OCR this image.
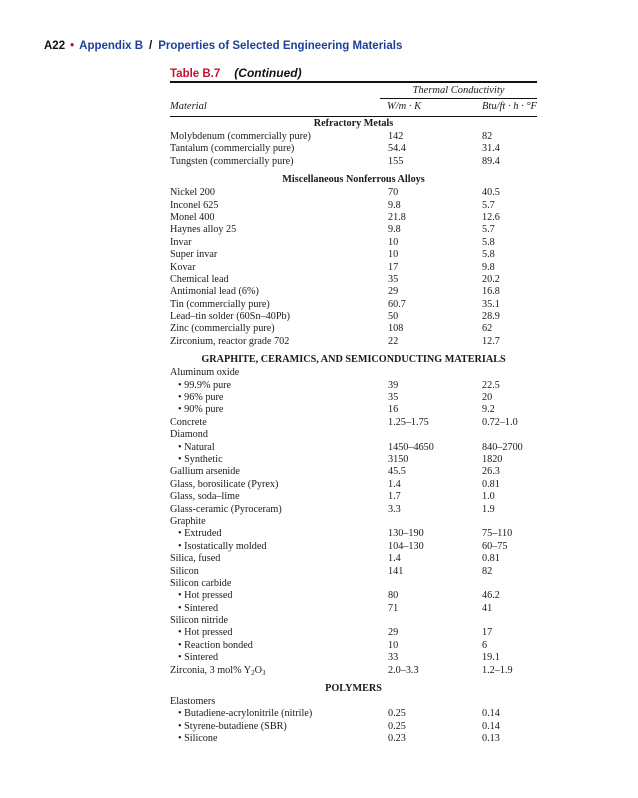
A22 • Appendix B / Properties of Selected Engineering Materials
Table B.7 (Continued)
Thermal Conductivity
Material	W/m · K	Btu/ft · h · °F
Refractory Metals
Molybdenum (commercially pure)	142	82
Tantalum (commercially pure)	54.4	31.4
Tungsten (commercially pure)	155	89.4
Miscellaneous Nonferrous Alloys
Nickel 200	70	40.5
Inconel 625	9.8	5.7
Monel 400	21.8	12.6
Haynes alloy 25	9.8	5.7
Invar	10	5.8
Super invar	10	5.8
Kovar	17	9.8
Chemical lead	35	20.2
Antimonial lead (6%)	29	16.8
Tin (commercially pure)	60.7	35.1
Lead–tin solder (60Sn–40Pb)	50	28.9
Zinc (commercially pure)	108	62
Zirconium, reactor grade 702	22	12.7
GRAPHITE, CERAMICS, AND SEMICONDUCTING MATERIALS
Aluminum oxide
• 99.9% pure	39	22.5
• 96% pure	35	20
• 90% pure	16	9.2
Concrete	1.25–1.75	0.72–1.0
Diamond
• Natural	1450–4650	840–2700
• Synthetic	3150	1820
Gallium arsenide	45.5	26.3
Glass, borosilicate (Pyrex)	1.4	0.81
Glass, soda–lime	1.7	1.0
Glass-ceramic (Pyroceram)	3.3	1.9
Graphite
• Extruded	130–190	75–110
• Isostatically molded	104–130	60–75
Silica, fused	1.4	0.81
Silicon	141	82
Silicon carbide
• Hot pressed	80	46.2
• Sintered	71	41
Silicon nitride
• Hot pressed	29	17
• Reaction bonded	10	6
• Sintered	33	19.1
Zirconia, 3 mol% $Y_2O_3$	2.0–3.3	1.2–1.9
POLYMERS
Elastomers
• Butadiene-acrylonitrile (nitrile)	0.25	0.14
• Styrene-butadiene (SBR)	0.25	0.14
• Silicone	0.23	0.13
